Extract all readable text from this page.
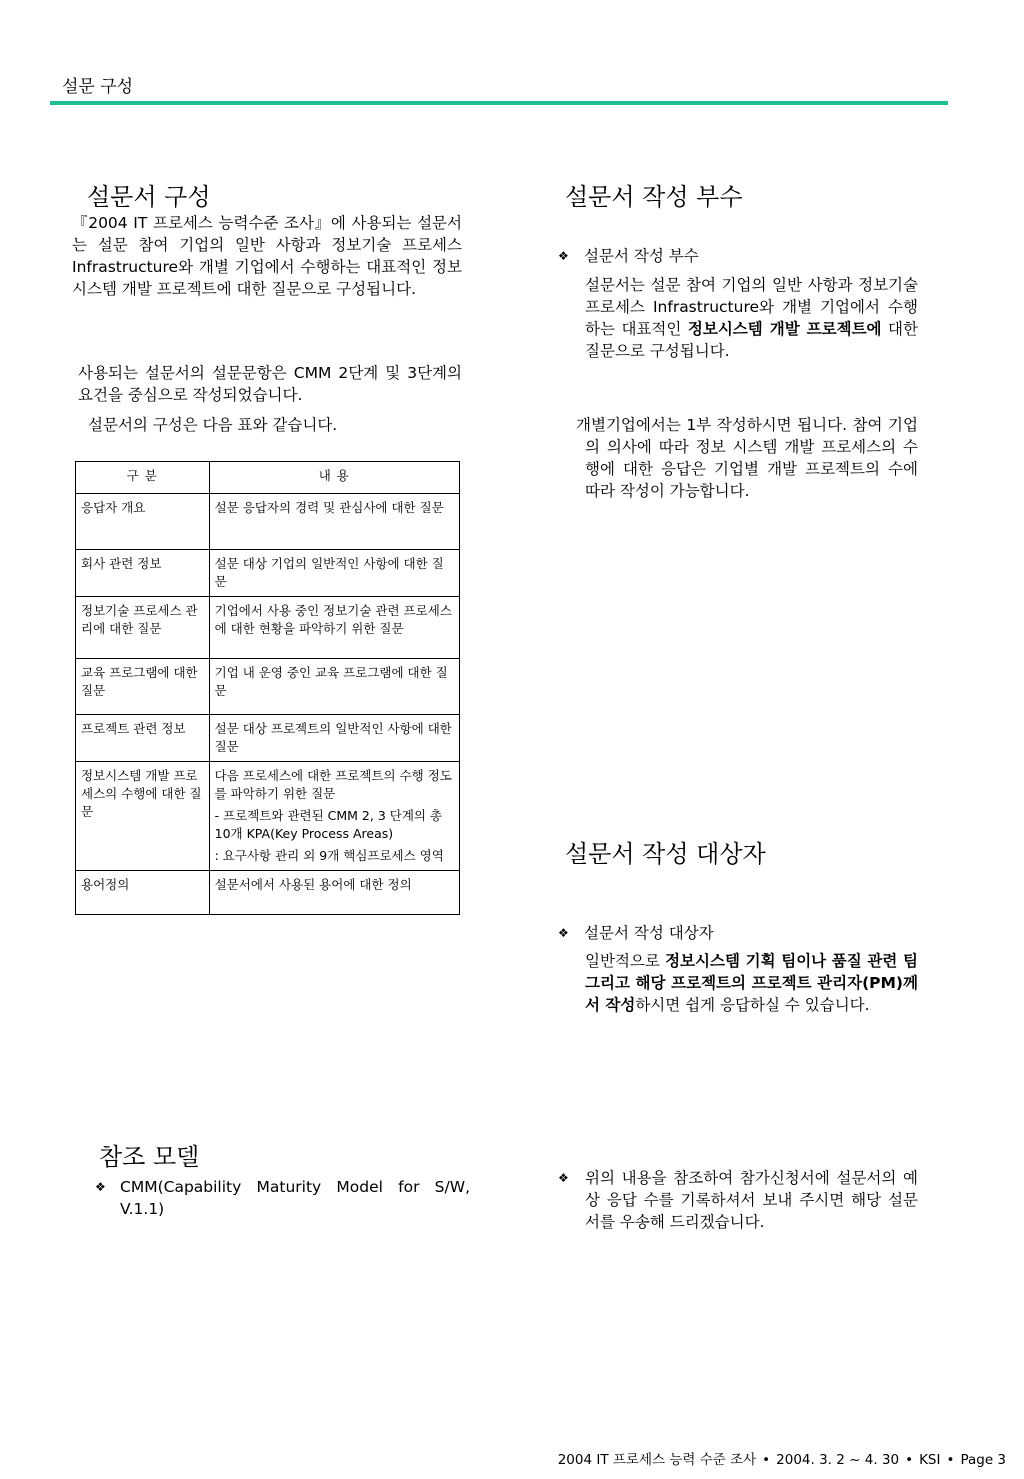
설문 구성
설문서 구성

『2004 IT 프로세스 능력수준 조사』에 사용되는 설문서는 설문 참여 기업의 일반 사항과 정보기술 프로세스 Infrastructure와 개별 기업에서 수행하는 대표적인 정보시스템 개발 프로젝트에 대한 질문으로 구성됩니다.

사용되는 설문서의 설문문항은 CMM 2단계 및 3단계의 요건을 중심으로 작성되었습니다.

설문서의 구성은 다음 표와 같습니다.

구 분	내 용
응답자 개요	설문 응답자의 경력 및 관심사에 대한 질문
회사 관련 정보	설문 대상 기업의 일반적인 사항에 대한 질문
정보기술 프로세스 관리에 대한 질문	기업에서 사용 중인 정보기술 관련 프로세스에 대한 현황을 파악하기 위한 질문
교육 프로그램에 대한 질문	기업 내 운영 중인 교육 프로그램에 대한 질문
프로젝트 관련 정보	설문 대상 프로젝트의 일반적인 사항에 대한 질문
정보시스템 개발 프로세스의 수행에 대한 질문	다음 프로세스에 대한 프로젝트의 수행 정도를 파악하기 위한 질문
- 프로젝트와 관련된 CMM 2, 3 단계의 총 10개 KPA(Key Process Areas)
: 요구사항 관리 외 9개 핵심프로세스 영역

용어정의	설문서에서 사용된 용어에 대한 정의
참조 모델
❖ CMM(Capability Maturity Model for S/W, V.1.1)
설문서 작성 부수
❖ 설문서 작성 부수

설문서는 설문 참여 기업의 일반 사항과 정보기술 프로세스 Infrastructure와 개별 기업에서 수행하는 대표적인 정보시스템 개발 프로젝트에 대한 질문으로 구성됩니다.

개별기업에서는 1부 작성하시면 됩니다. 참여 기업의 의사에 따라 정보 시스템 개발 프로세스의 수행에 대한 응답은 기업별 개발 프로젝트의 수에 따라 작성이 가능합니다.

설문서 작성 대상자
❖ 설문서 작성 대상자

일반적으로 정보시스템 기획 팀이나 품질 관련 팀 그리고 해당 프로젝트의 프로젝트 관리자(PM)께서 작성하시면 쉽게 응답하실 수 있습니다.

❖	위의 내용을 참조하여 참가신청서에 설문서의 예상 응답 수를 기록하셔서 보내 주시면 해당 설문서를 우송해 드리겠습니다.
2004 IT 프로세스 능력 수준 조사 • 2004. 3. 2 ~ 4. 30 • KSI • Page 3
